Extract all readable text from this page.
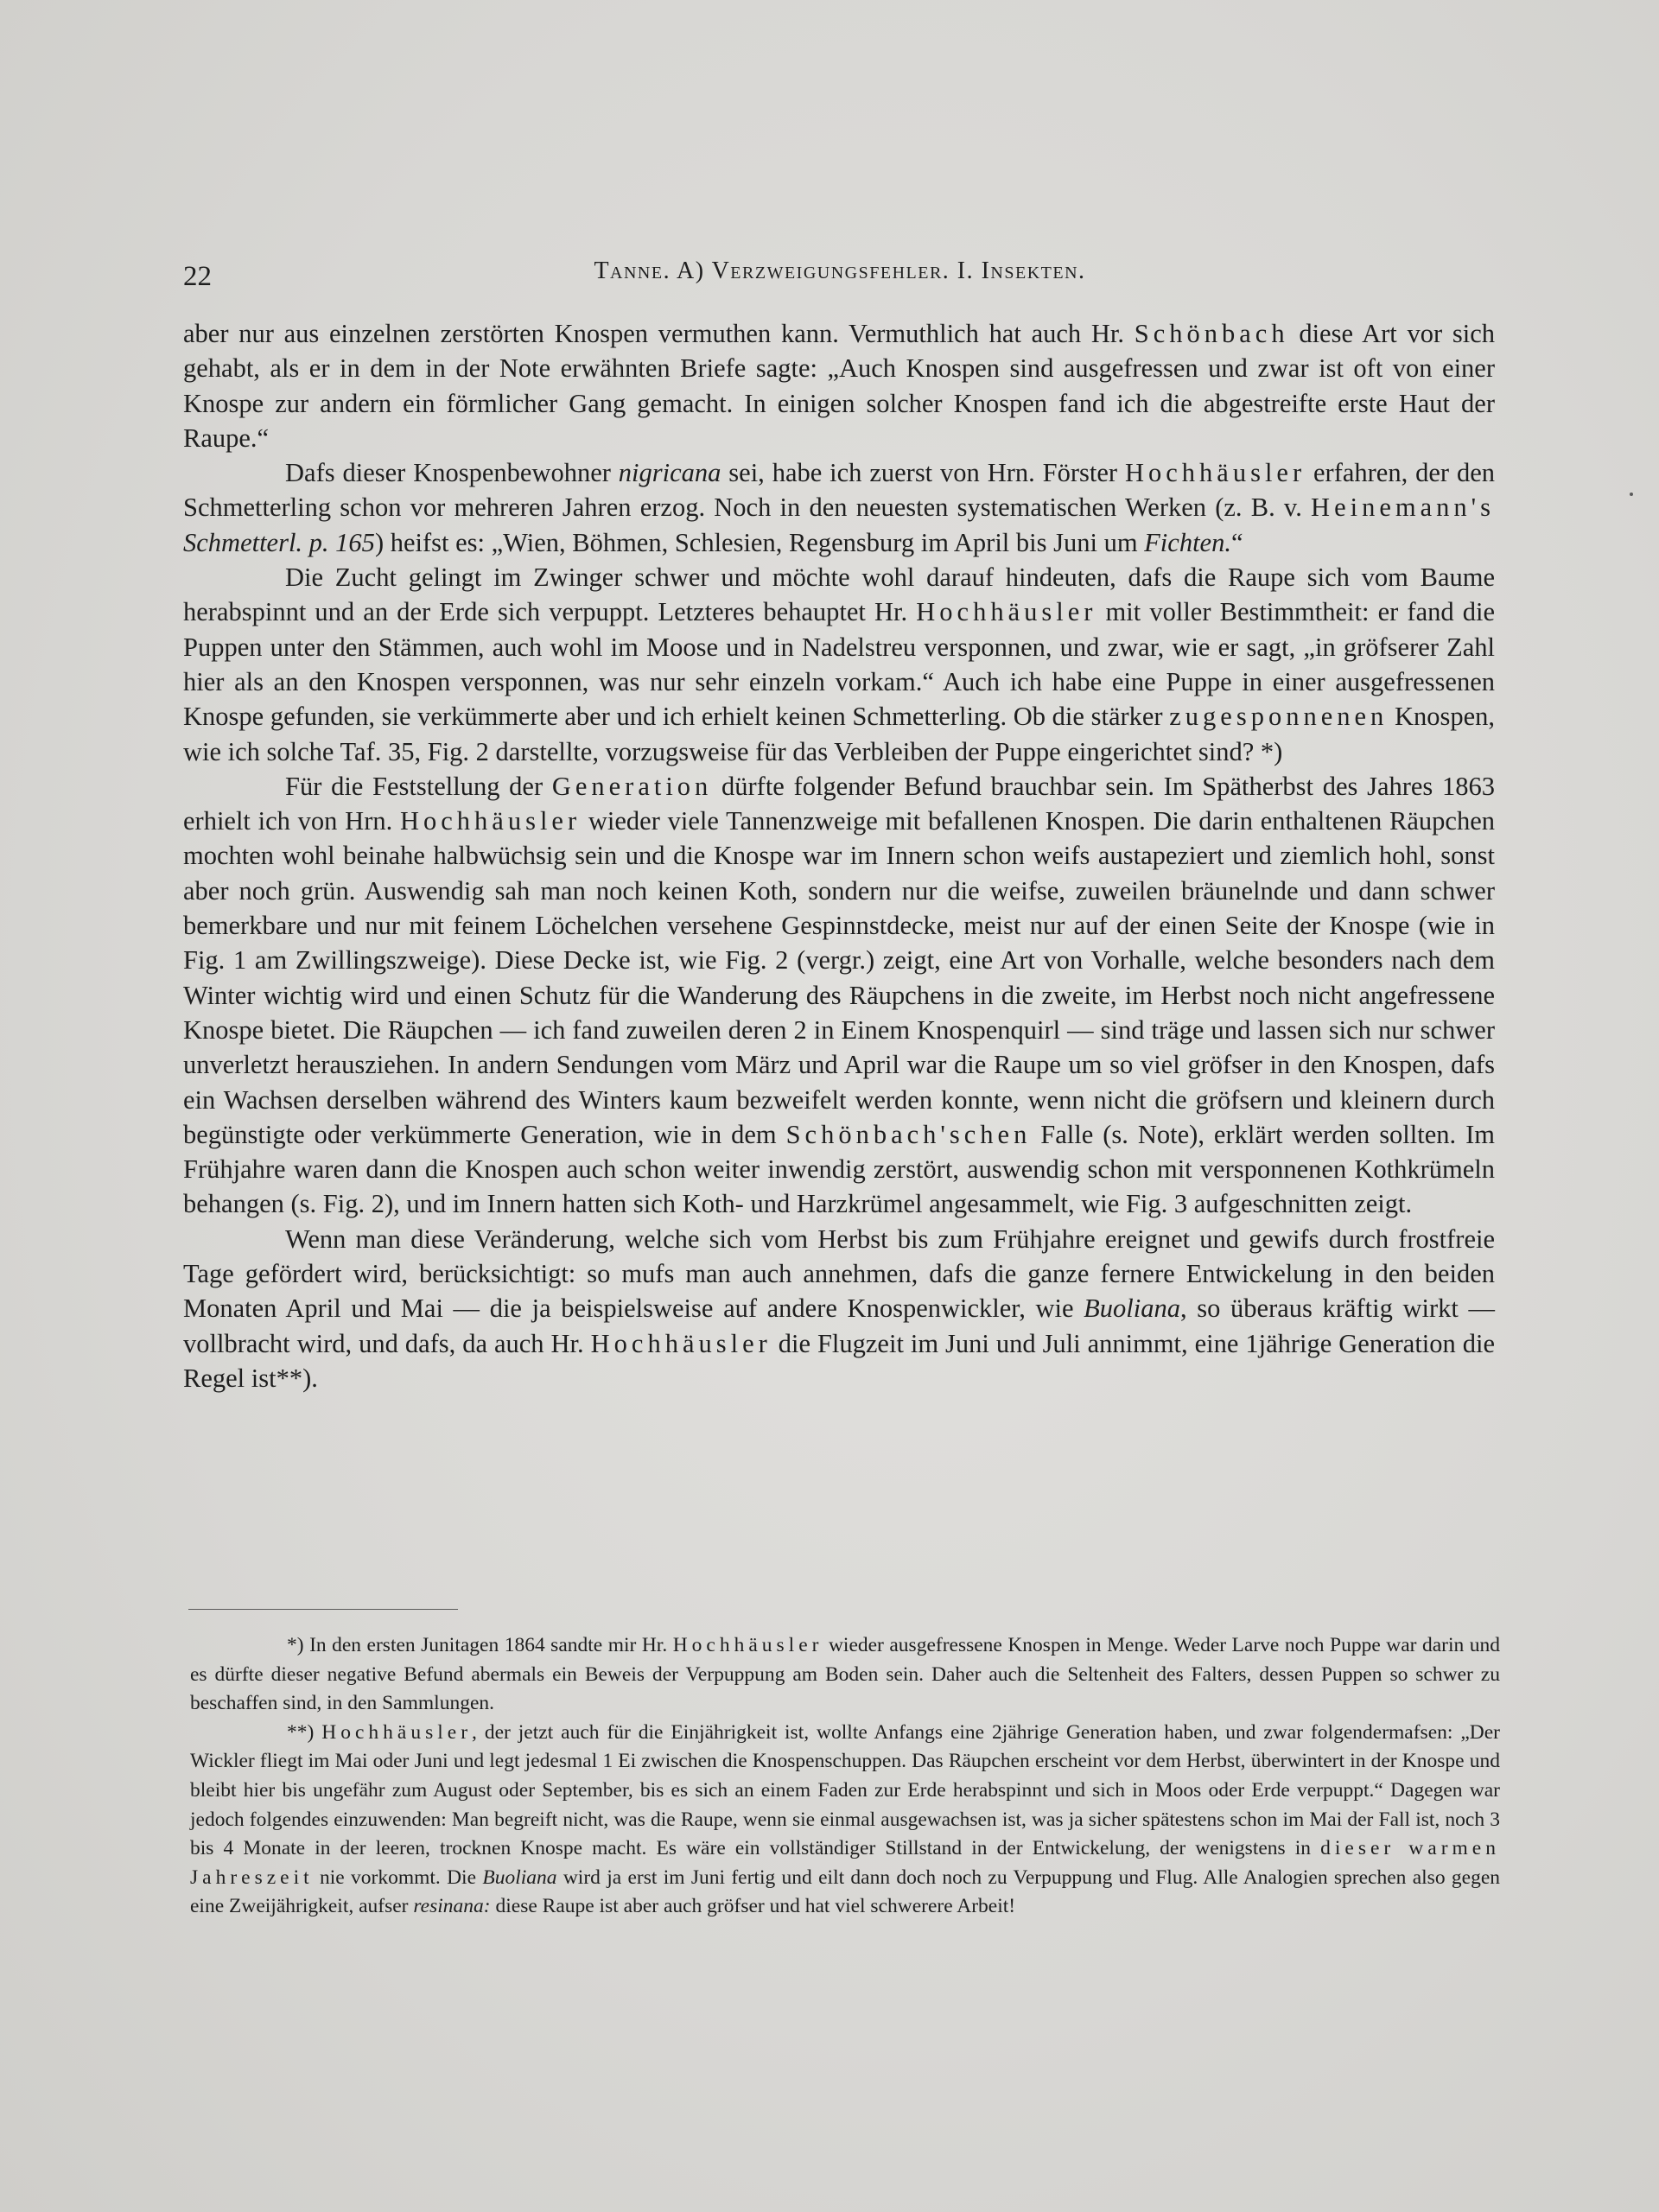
22	Tanne. A) Verzweigungsfehler. I. Insekten.

aber nur aus einzelnen zerstörten Knospen vermuthen kann. Vermuthlich hat auch Hr. Schönbach diese Art vor sich gehabt, als er in dem in der Note erwähnten Briefe sagte: „Auch Knospen sind ausgefressen und zwar ist oft von einer Knospe zur andern ein förmlicher Gang gemacht. In einigen solcher Knospen fand ich die abgestreifte erste Haut der Raupe.“

Dafs dieser Knospenbewohner nigricana sei, habe ich zuerst von Hrn. Förster Hochhäusler erfahren, der den Schmetterling schon vor mehreren Jahren erzog. Noch in den neuesten systematischen Werken (z. B. v. Heinemann's Schmetterl. p. 165) heifst es: „Wien, Böhmen, Schlesien, Regensburg im April bis Juni um Fichten.“

Die Zucht gelingt im Zwinger schwer und möchte wohl darauf hindeuten, dafs die Raupe sich vom Baume herabspinnt und an der Erde sich verpuppt. Letzteres behauptet Hr. Hochhäusler mit voller Bestimmtheit: er fand die Puppen unter den Stämmen, auch wohl im Moose und in Nadelstreu versponnen, und zwar, wie er sagt, „in gröfserer Zahl hier als an den Knospen versponnen, was nur sehr einzeln vorkam.“ Auch ich habe eine Puppe in einer ausgefressenen Knospe gefunden, sie verkümmerte aber und ich erhielt keinen Schmetterling. Ob die stärker zugesponnenen Knospen, wie ich solche Taf. 35, Fig. 2 darstellte, vorzugsweise für das Verbleiben der Puppe eingerichtet sind? *)

Für die Feststellung der Generation dürfte folgender Befund brauchbar sein. Im Spätherbst des Jahres 1863 erhielt ich von Hrn. Hochhäusler wieder viele Tannenzweige mit befallenen Knospen. Die darin enthaltenen Räupchen mochten wohl beinahe halbwüchsig sein und die Knospe war im Innern schon weifs austapeziert und ziemlich hohl, sonst aber noch grün. Auswendig sah man noch keinen Koth, sondern nur die weifse, zuweilen bräunelnde und dann schwer bemerkbare und nur mit feinem Löchelchen versehene Gespinnstdecke, meist nur auf der einen Seite der Knospe (wie in Fig. 1 am Zwillingszweige). Diese Decke ist, wie Fig. 2 (vergr.) zeigt, eine Art von Vorhalle, welche besonders nach dem Winter wichtig wird und einen Schutz für die Wanderung des Räupchens in die zweite, im Herbst noch nicht angefressene Knospe bietet. Die Räupchen — ich fand zuweilen deren 2 in Einem Knospenquirl — sind träge und lassen sich nur schwer unverletzt herausziehen. In andern Sendungen vom März und April war die Raupe um so viel gröfser in den Knospen, dafs ein Wachsen derselben während des Winters kaum bezweifelt werden konnte, wenn nicht die gröfsern und kleinern durch begünstigte oder verkümmerte Generation, wie in dem Schönbach'schen Falle (s. Note), erklärt werden sollten. Im Frühjahre waren dann die Knospen auch schon weiter inwendig zerstört, auswendig schon mit versponnenen Kothkrümeln behangen (s. Fig. 2), und im Innern hatten sich Koth- und Harzkrümel angesammelt, wie Fig. 3 aufgeschnitten zeigt.

Wenn man diese Veränderung, welche sich vom Herbst bis zum Frühjahre ereignet und gewifs durch frostfreie Tage gefördert wird, berücksichtigt: so mufs man auch annehmen, dafs die ganze fernere Entwickelung in den beiden Monaten April und Mai — die ja beispielsweise auf andere Knospenwickler, wie Buoliana, so überaus kräftig wirkt — vollbracht wird, und dafs, da auch Hr. Hochhäusler die Flugzeit im Juni und Juli annimmt, eine 1jährige Generation die Regel ist**).

*) In den ersten Junitagen 1864 sandte mir Hr. Hochhäusler wieder ausgefressene Knospen in Menge. Weder Larve noch Puppe war darin und es dürfte dieser negative Befund abermals ein Beweis der Verpuppung am Boden sein. Daher auch die Seltenheit des Falters, dessen Puppen so schwer zu beschaffen sind, in den Sammlungen.

**) Hochhäusler, der jetzt auch für die Einjährigkeit ist, wollte Anfangs eine 2jährige Generation haben, und zwar folgendermafsen: „Der Wickler fliegt im Mai oder Juni und legt jedesmal 1 Ei zwischen die Knospenschuppen. Das Räupchen erscheint vor dem Herbst, überwintert in der Knospe und bleibt hier bis ungefähr zum August oder September, bis es sich an einem Faden zur Erde herabspinnt und sich in Moos oder Erde verpuppt.“ Dagegen war jedoch folgendes einzuwenden: Man begreift nicht, was die Raupe, wenn sie einmal ausgewachsen ist, was ja sicher spätestens schon im Mai der Fall ist, noch 3 bis 4 Monate in der leeren, trocknen Knospe macht. Es wäre ein vollständiger Stillstand in der Entwickelung, der wenigstens in dieser warmen Jahreszeit nie vorkommt. Die Buoliana wird ja erst im Juni fertig und eilt dann doch noch zu Verpuppung und Flug. Alle Analogien sprechen also gegen eine Zweijährigkeit, aufser resinana: diese Raupe ist aber auch gröfser und hat viel schwerere Arbeit!
